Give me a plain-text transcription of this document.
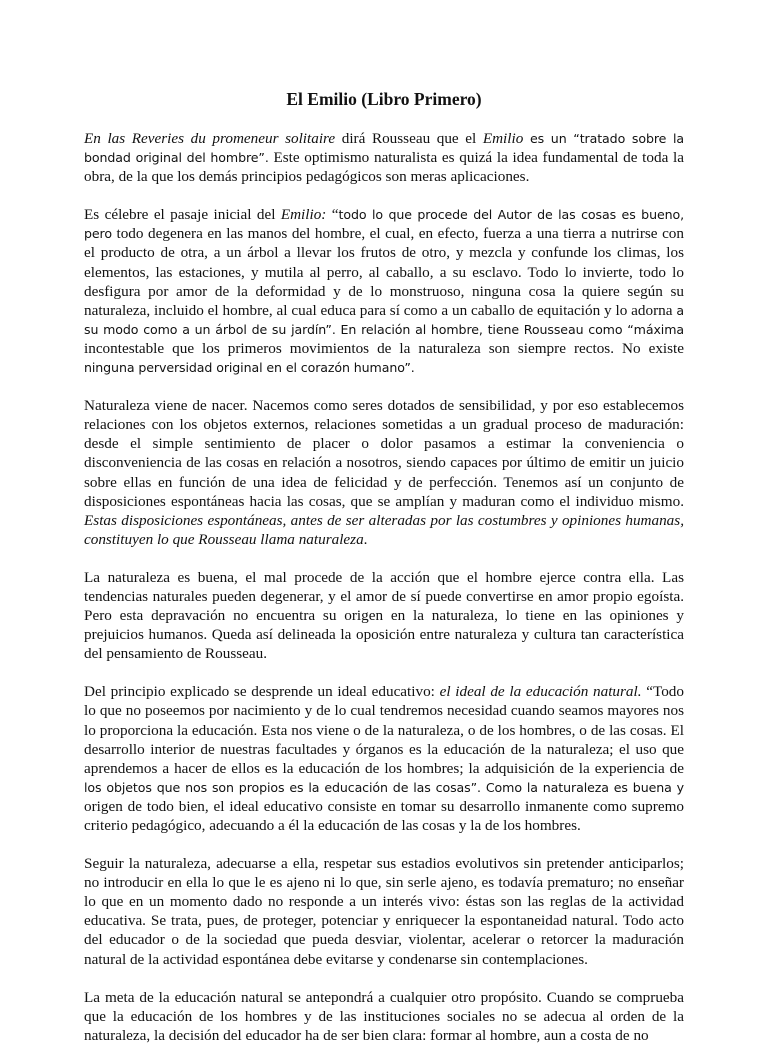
El Emilio (Libro Primero)

En las Reveries du promeneur solitaire dirá Rousseau que el Emilio es un “tratado sobre la bondad original del hombre”. Este optimismo naturalista es quizá la idea fundamental de toda la obra, de la que los demás principios pedagógicos son meras aplicaciones.

Es célebre el pasaje inicial del Emilio: “todo lo que procede del Autor de las cosas es bueno, pero todo degenera en las manos del hombre, el cual, en efecto, fuerza a una tierra a nutrirse con el producto de otra, a un árbol a llevar los frutos de otro, y mezcla y confunde los climas, los elementos, las estaciones, y mutila al perro, al caballo, a su esclavo. Todo lo invierte, todo lo desfigura por amor de la deformidad y de lo monstruoso, ninguna cosa la quiere según su naturaleza, incluido el hombre, al cual educa para sí como a un caballo de equitación y lo adorna a su modo como a un árbol de su jardín”. En relación al hombre, tiene Rousseau como “máxima incontestable que los primeros movimientos de la naturaleza son siempre rectos. No existe ninguna perversidad original en el corazón humano”.

Naturaleza viene de nacer. Nacemos como seres dotados de sensibilidad, y por eso establecemos relaciones con los objetos externos, relaciones sometidas a un gradual proceso de maduración: desde el simple sentimiento de placer o dolor pasamos a estimar la conveniencia o disconveniencia de las cosas en relación a nosotros, siendo capaces por último de emitir un juicio sobre ellas en función de una idea de felicidad y de perfección. Tenemos así un conjunto de disposiciones espontáneas hacia las cosas, que se amplían y maduran como el individuo mismo. Estas disposiciones espontáneas, antes de ser alteradas por las costumbres y opiniones humanas, constituyen lo que Rousseau llama naturaleza.

La naturaleza es buena, el mal procede de la acción que el hombre ejerce contra ella. Las tendencias naturales pueden degenerar, y el amor de sí puede convertirse en amor propio egoísta. Pero esta depravación no encuentra su origen en la naturaleza, lo tiene en las opiniones y prejuicios humanos. Queda así delineada la oposición entre naturaleza y cultura tan característica del pensamiento de Rousseau.

Del principio explicado se desprende un ideal educativo: el ideal de la educación natural. “Todo lo que no poseemos por nacimiento y de lo cual tendremos necesidad cuando seamos mayores nos lo proporciona la educación. Esta nos viene o de la naturaleza, o de los hombres, o de las cosas. El desarrollo interior de nuestras facultades y órganos es la educación de la naturaleza; el uso que aprendemos a hacer de ellos es la educación de los hombres; la adquisición de la experiencia de los objetos que nos son propios es la educación de las cosas”. Como la naturaleza es buena y origen de todo bien, el ideal educativo consiste en tomar su desarrollo inmanente como supremo criterio pedagógico, adecuando a él la educación de las cosas y la de los hombres.

Seguir la naturaleza, adecuarse a ella, respetar sus estadios evolutivos sin pretender anticiparlos; no introducir en ella lo que le es ajeno ni lo que, sin serle ajeno, es todavía prematuro; no enseñar lo que en un momento dado no responde a un interés vivo: éstas son las reglas de la actividad educativa. Se trata, pues, de proteger, potenciar y enriquecer la espontaneidad natural. Todo acto del educador o de la sociedad que pueda desviar, violentar, acelerar o retorcer la maduración natural de la actividad espontánea debe evitarse y condenarse sin contemplaciones.

La meta de la educación natural se antepondrá a cualquier otro propósito. Cuando se comprueba que la educación de los hombres y de las instituciones sociales no se adecua al orden de la naturaleza, la decisión del educador ha de ser bien clara: formar al hombre, aun a costa de no
